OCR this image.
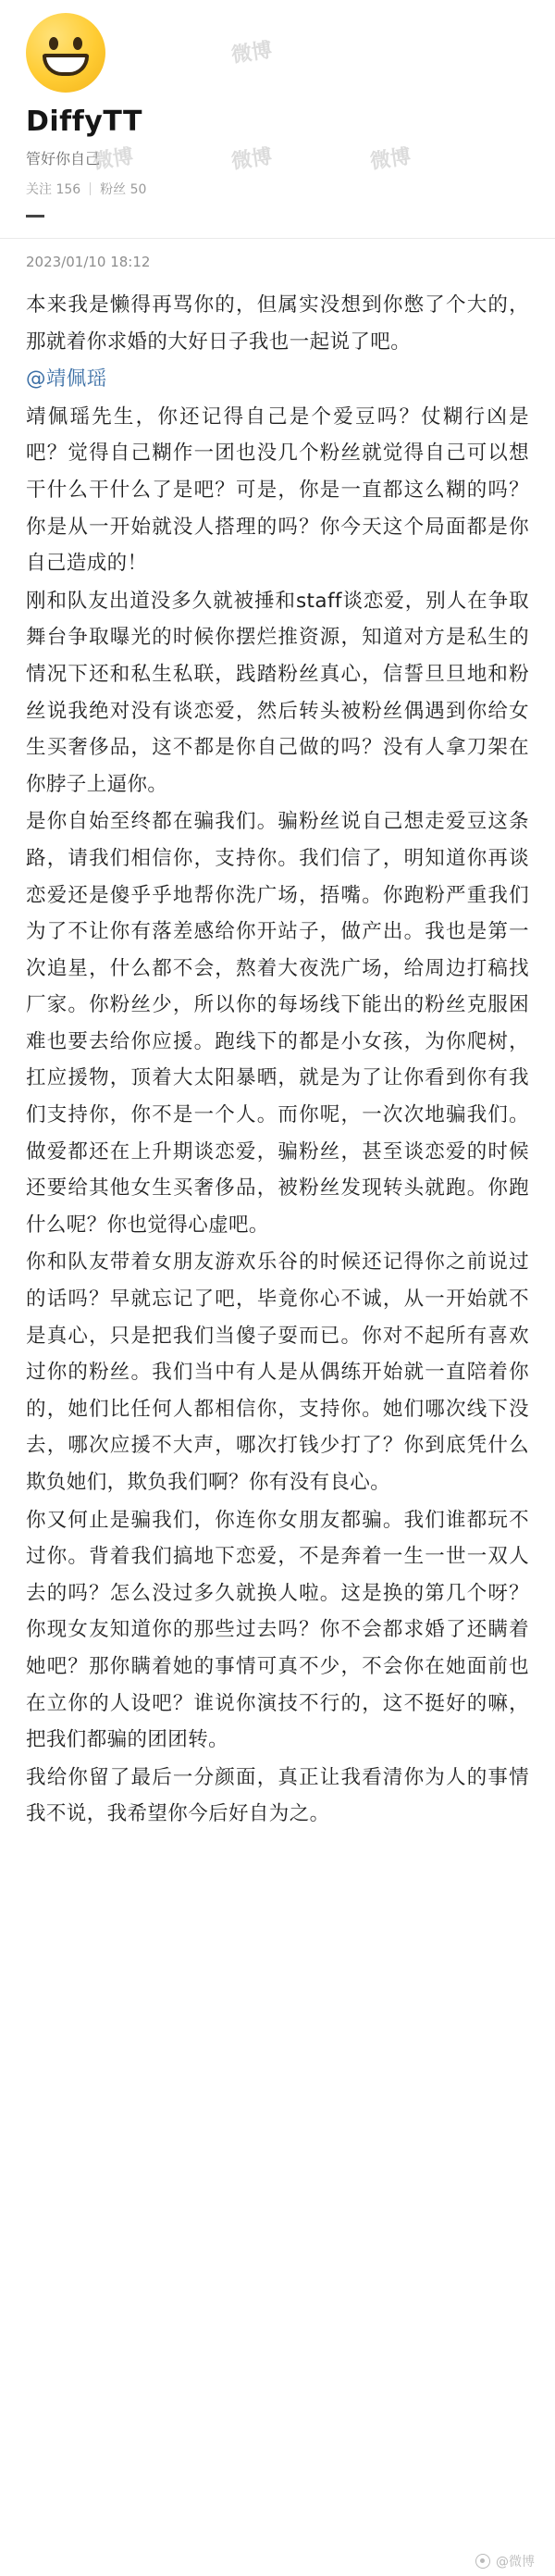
DiffyTT
管好你自己
关注 156 粉丝 50
微博
微博	微博	微博
2023/01/10 18:12

本来我是懒得再骂你的，但属实没想到你憋了个大的，那就着你求婚的大好日子我也一起说了吧。

@靖佩瑶

靖佩瑶先生，你还记得自己是个爱豆吗？仗糊行凶是吧？觉得自己糊作一团也没几个粉丝就觉得自己可以想干什么干什么了是吧？可是，你是一直都这么糊的吗？你是从一开始就没人搭理的吗？你今天这个局面都是你自己造成的！

刚和队友出道没多久就被捶和staff谈恋爱，别人在争取舞台争取曝光的时候你摆烂推资源，知道对方是私生的情况下还和私生私联，践踏粉丝真心，信誓旦旦地和粉丝说我绝对没有谈恋爱，然后转头被粉丝偶遇到你给女生买奢侈品，这不都是你自己做的吗？没有人拿刀架在你脖子上逼你。

是你自始至终都在骗我们。骗粉丝说自己想走爱豆这条路，请我们相信你，支持你。我们信了，明知道你再谈恋爱还是傻乎乎地帮你洗广场，捂嘴。你跑粉严重我们为了不让你有落差感给你开站子，做产出。我也是第一次追星，什么都不会，熬着大夜洗广场，给周边打稿找厂家。你粉丝少，所以你的每场线下能出的粉丝克服困难也要去给你应援。跑线下的都是小女孩，为你爬树，扛应援物，顶着大太阳暴晒，就是为了让你看到你有我们支持你，你不是一个人。而你呢，一次次地骗我们。做爱都还在上升期谈恋爱，骗粉丝，甚至谈恋爱的时候还要给其他女生买奢侈品，被粉丝发现转头就跑。你跑什么呢？你也觉得心虚吧。

你和队友带着女朋友游欢乐谷的时候还记得你之前说过的话吗？早就忘记了吧，毕竟你心不诚，从一开始就不是真心，只是把我们当傻子耍而已。你对不起所有喜欢过你的粉丝。我们当中有人是从偶练开始就一直陪着你的，她们比任何人都相信你，支持你。她们哪次线下没去，哪次应援不大声，哪次打钱少打了？你到底凭什么欺负她们，欺负我们啊？你有没有良心。

你又何止是骗我们，你连你女朋友都骗。我们谁都玩不过你。背着我们搞地下恋爱，不是奔着一生一世一双人去的吗？怎么没过多久就换人啦。这是换的第几个呀？你现女友知道你的那些过去吗？你不会都求婚了还瞒着她吧？那你瞒着她的事情可真不少，不会你在她面前也在立你的人设吧？谁说你演技不行的，这不挺好的嘛，把我们都骗的团团转。

我给你留了最后一分颜面，真正让我看清你为人的事情我不说，我希望你今后好自为之。

@微博
